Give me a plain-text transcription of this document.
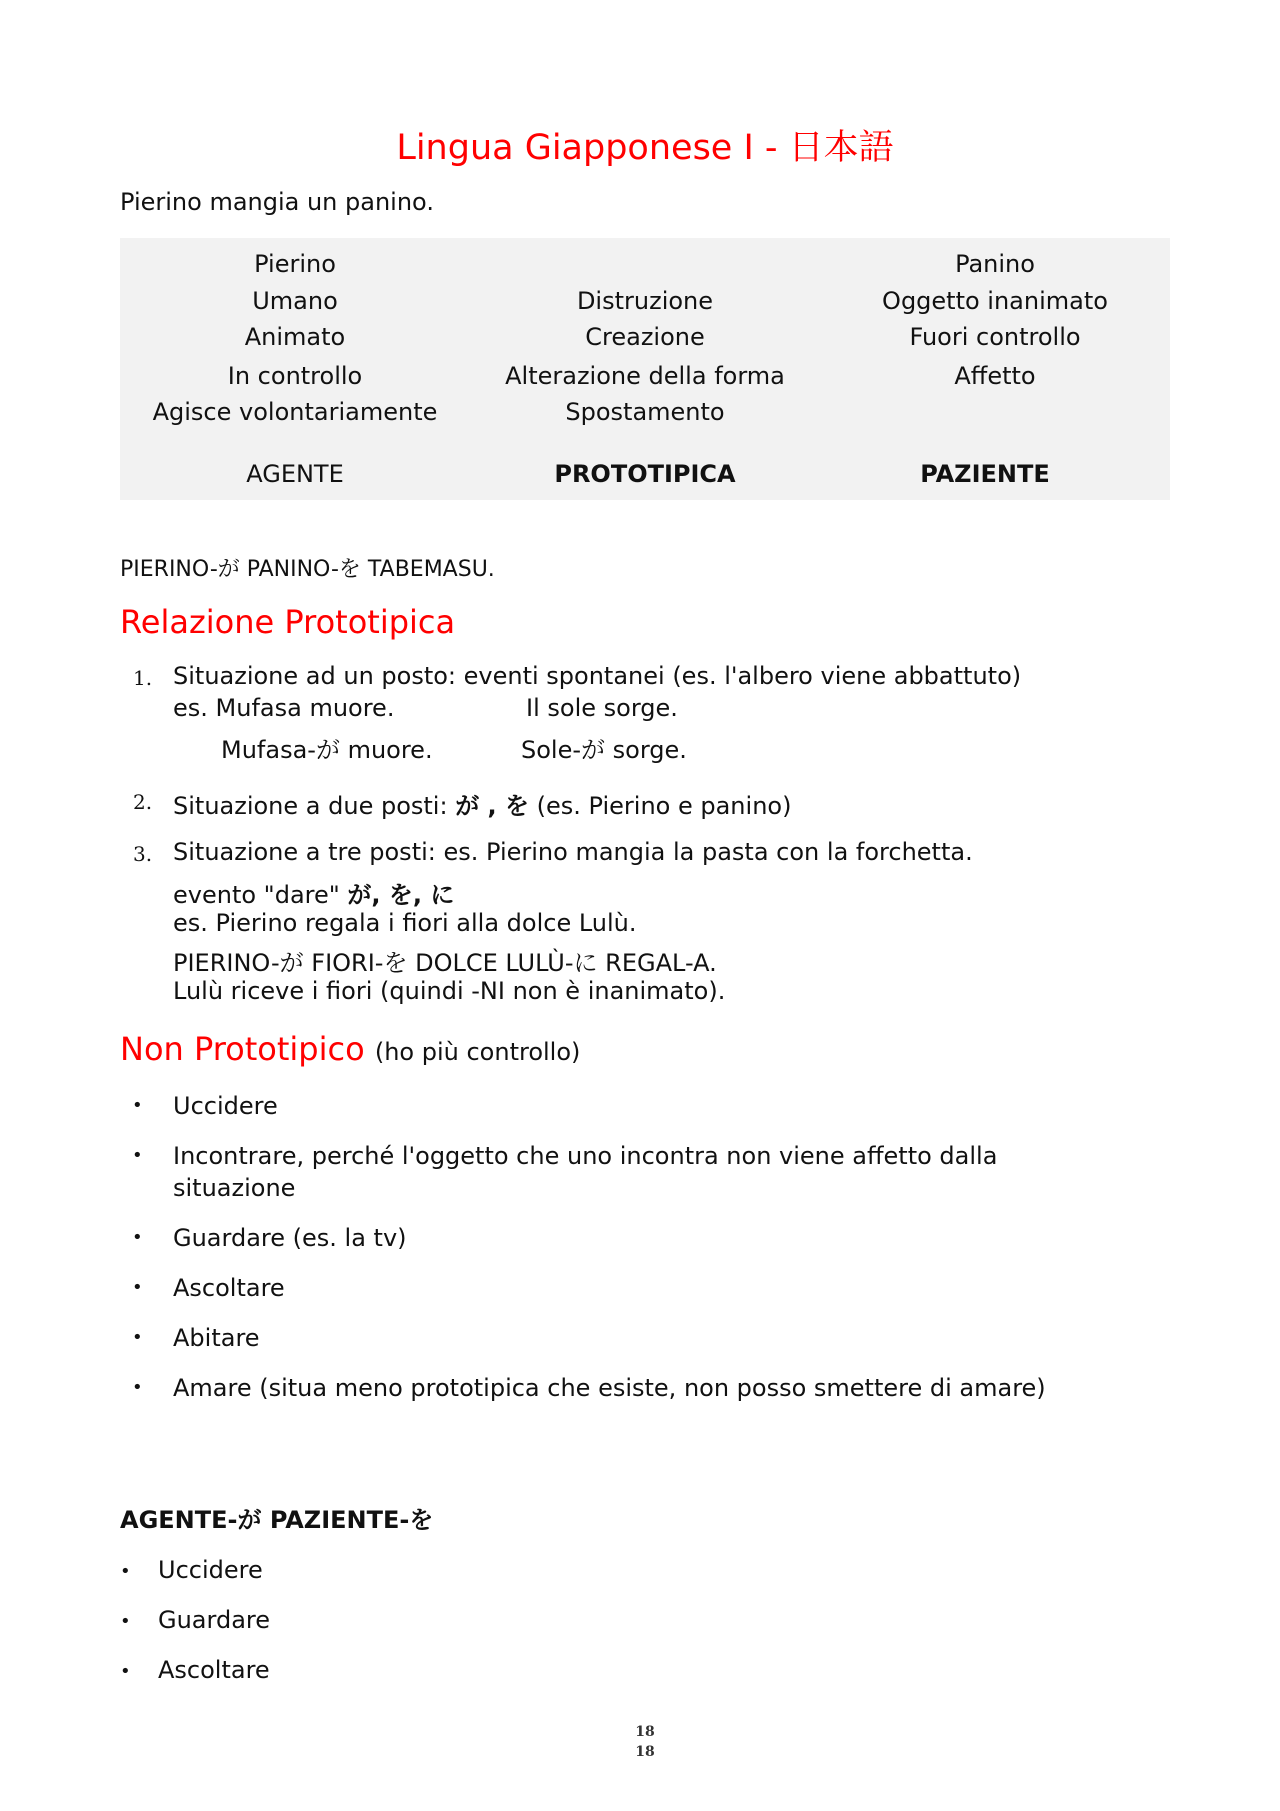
Lingua Giapponese I - 日本語

Pierino mangia un panino.

Pierino
Umano
Animato
In controllo
Agisce volontariamente
AGENTE
Distruzione
Creazione
Alterazione della forma
Spostamento
PROTOTIPICA
Panino
Oggetto inanimato
Fuori controllo
Affetto
PAZIENTE

PIERINO-が PANINO-を TABEMASU.

Relazione Prototipica
1. Situazione ad un posto: eventi spontanei (es. l'albero viene abbattuto)
es. Mufasa muore.	Il sole sorge.
Mufasa-が muore.	Sole-が sorge.
2. Situazione a due posti: が , を (es. Pierino e panino)
3. Situazione a tre posti: es. Pierino mangia la pasta con la forchetta.
evento "dare" が, を, に
es. Pierino regala i fiori alla dolce Lulù.
PIERINO-が FIORI-を DOLCE LULÙ-に REGAL-A.
Lulù riceve i fiori (quindi -NI non è inanimato).
Non Prototipico (ho più controllo)
• Uccidere
• Incontrare, perché l'oggetto che uno incontra non viene affetto dalla situazione
• Guardare (es. la tv)
• Ascoltare
• Abitare
• Amare (situa meno prototipica che esiste, non posso smettere di amare)
AGENTE-が PAZIENTE-を
• Uccidere
• Guardare
• Ascoltare
18
18
